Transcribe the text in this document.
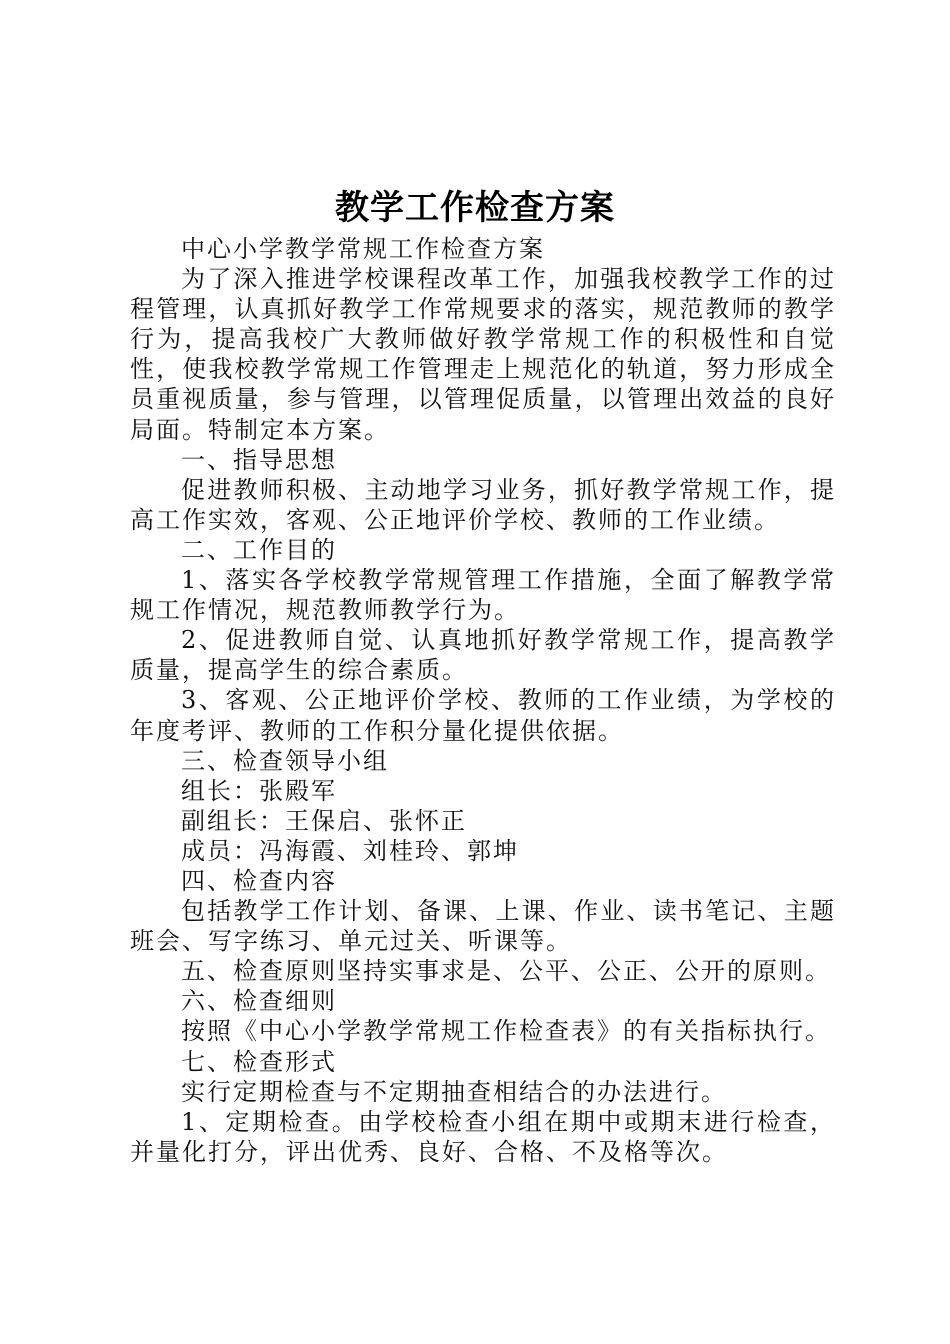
教学工作检查方案

中心小学教学常规工作检查方案

为了深入推进学校课程改革工作，加强我校教学工作的过程管理，认真抓好教学工作常规要求的落实，规范教师的教学行为，提高我校广大教师做好教学常规工作的积极性和自觉性，使我校教学常规工作管理走上规范化的轨道，努力形成全员重视质量，参与管理，以管理促质量，以管理出效益的良好局面。特制定本方案。

一、指导思想

促进教师积极、主动地学习业务，抓好教学常规工作，提高工作实效，客观、公正地评价学校、教师的工作业绩。

二、工作目的

1、落实各学校教学常规管理工作措施，全面了解教学常规工作情况，规范教师教学行为。

2、促进教师自觉、认真地抓好教学常规工作，提高教学质量，提高学生的综合素质。

3、客观、公正地评价学校、教师的工作业绩，为学校的年度考评、教师的工作积分量化提供依据。

三、检查领导小组

组长：张殿军

副组长：王保启、张怀正

成员：冯海霞、刘桂玲、郭坤

四、检查内容

包括教学工作计划、备课、上课、作业、读书笔记、主题班会、写字练习、单元过关、听课等。

五、检查原则坚持实事求是、公平、公正、公开的原则。

六、检查细则

按照《中心小学教学常规工作检查表》的有关指标执行。

七、检查形式

实行定期检查与不定期抽查相结合的办法进行。

1、定期检查。由学校检查小组在期中或期末进行检查，并量化打分，评出优秀、良好、合格、不及格等次。
